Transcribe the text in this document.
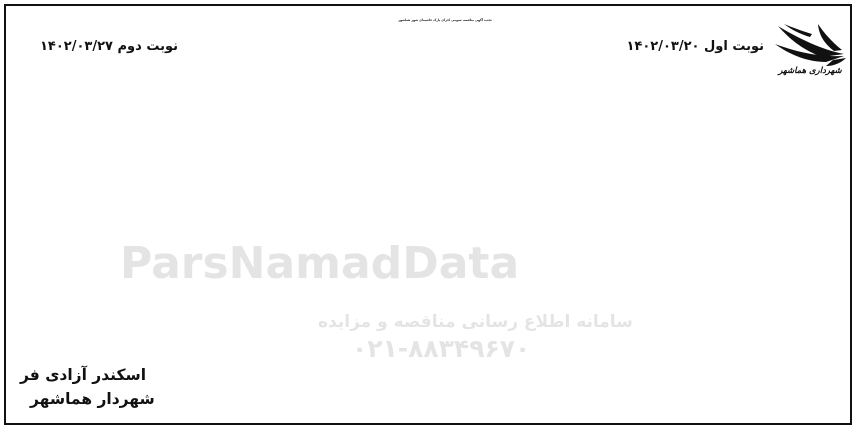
ParsNamadData
سامانه اطلاع رسانی مناقصه و مزایده
۰۲۱-۸۸۳۴۹۶۷۰
تجدید آگهی مناقصه عمومی اجرای پارک حاشیه‌ای شهر هماشهر
نوبت اول ۱۴۰۲/۰۳/۲۰
نوبت دوم ۱۴۰۲/۰۳/۲۷
شهرداری هماشهر
اسکندر آزادی فر
شهردار هماشهر
